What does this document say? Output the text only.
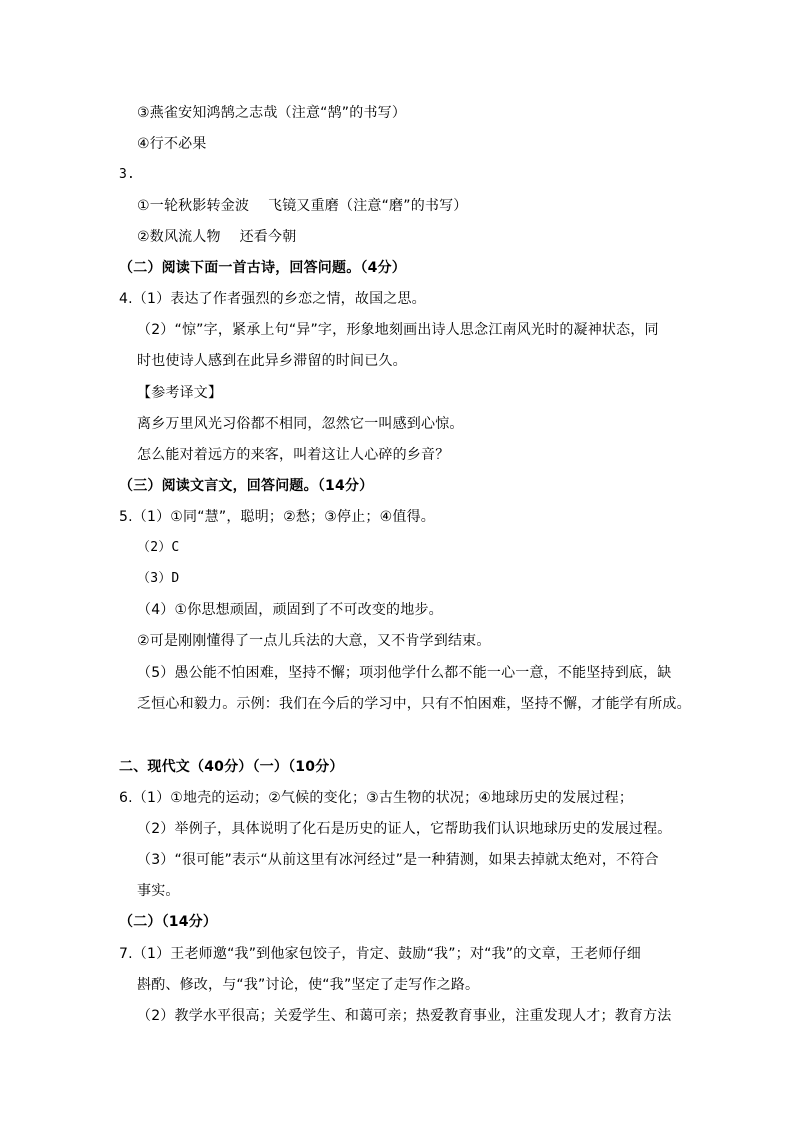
③燕雀安知鸿鹄之志哉（注意“鹄”的书写）
④行不必果
3.
①一轮秋影转金波　 飞镜又重磨（注意“磨”的书写）
②数风流人物　 还看今朝
（二）阅读下面一首古诗，回答问题。（4分）
4.（1）表达了作者强烈的乡恋之情，故国之思。
（2）“惊”字，紧承上句“异”字，形象地刻画出诗人思念江南风光时的凝神状态，同
时也使诗人感到在此异乡滞留的时间已久。
【参考译文】
离乡万里风光习俗都不相同，忽然它一叫感到心惊。
怎么能对着远方的来客，叫着这让人心碎的乡音？
（三）阅读文言文，回答问题。（14分）
5.（1）①同“慧”，聪明；②愁；③停止；④值得。
（2）C
（3）D
（4）①你思想顽固，顽固到了不可改变的地步。
②可是刚刚懂得了一点儿兵法的大意，又不肯学到结束。
（5）愚公能不怕困难，坚持不懈；项羽他学什么都不能一心一意，不能坚持到底，缺
乏恒心和毅力。示例：我们在今后的学习中，只有不怕困难，坚持不懈，才能学有所成。
二、现代文（40分）（一）（10分）
6.（1）①地壳的运动；②气候的变化；③古生物的状况；④地球历史的发展过程；
（2）举例子，具体说明了化石是历史的证人，它帮助我们认识地球历史的发展过程。
（3）“很可能”表示“从前这里有冰河经过”是一种猜测，如果去掉就太绝对，不符合
事实。
（二）（14分）
7.（1）王老师邀“我”到他家包饺子，肯定、鼓励“我”；对“我”的文章，王老师仔细
斟酌、修改，与“我”讨论，使“我”坚定了走写作之路。
（2）教学水平很高；关爱学生、和蔼可亲；热爱教育事业，注重发现人才；教育方法
